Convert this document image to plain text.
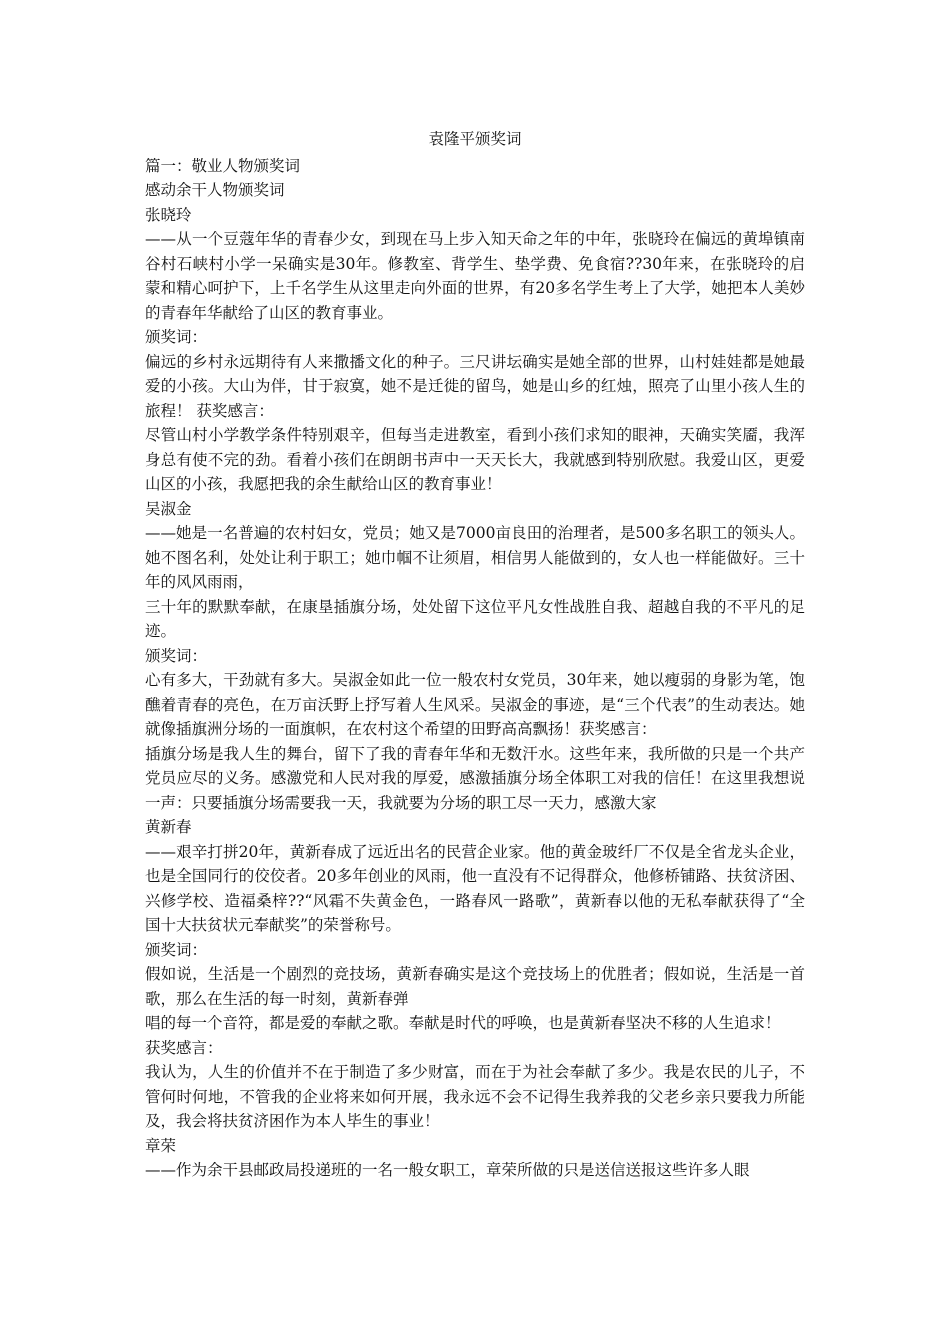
袁隆平颁奖词

篇一：敬业人物颁奖词

感动余干人物颁奖词

张晓玲

——从一个豆蔻年华的青春少女，到现在马上步入知天命之年的中年，张晓玲在偏远的黄埠镇南谷村石峡村小学一呆确实是30年。修教室、背学生、垫学费、免食宿??30年来，在张晓玲的启蒙和精心呵护下，上千名学生从这里走向外面的世界，有20多名学生考上了大学，她把本人美妙的青春年华献给了山区的教育事业。

颁奖词：

偏远的乡村永远期待有人来撒播文化的种子。三尺讲坛确实是她全部的世界，山村娃娃都是她最爱的小孩。大山为伴，甘于寂寞，她不是迁徙的留鸟，她是山乡的红烛，照亮了山里小孩人生的旅程！ 获奖感言：

尽管山村小学教学条件特别艰辛，但每当走进教室，看到小孩们求知的眼神，天确实笑靥，我浑身总有使不完的劲。看着小孩们在朗朗书声中一天天长大，我就感到特别欣慰。我爱山区，更爱山区的小孩，我愿把我的余生献给山区的教育事业！

吴淑金

——她是一名普遍的农村妇女，党员；她又是7000亩良田的治理者，是500多名职工的领头人。她不图名利，处处让利于职工；她巾帼不让须眉，相信男人能做到的，女人也一样能做好。三十年的风风雨雨，

三十年的默默奉献，在康垦插旗分场，处处留下这位平凡女性战胜自我、超越自我的不平凡的足迹。

颁奖词：

心有多大，干劲就有多大。吴淑金如此一位一般农村女党员，30年来，她以瘦弱的身影为笔，饱醮着青春的亮色，在万亩沃野上抒写着人生风采。吴淑金的事迹，是“三个代表”的生动表达。她就像插旗洲分场的一面旗帜，在农村这个希望的田野高高飘扬！获奖感言：

插旗分场是我人生的舞台，留下了我的青春年华和无数汗水。这些年来，我所做的只是一个共产党员应尽的义务。感激党和人民对我的厚爱，感激插旗分场全体职工对我的信任！在这里我想说一声：只要插旗分场需要我一天，我就要为分场的职工尽一天力，感激大家

黄新春

——艰辛打拼20年，黄新春成了远近出名的民营企业家。他的黄金玻纤厂不仅是全省龙头企业，也是全国同行的佼佼者。20多年创业的风雨，他一直没有不记得群众，他修桥铺路、扶贫济困、兴修学校、造福桑梓??“风霜不失黄金色，一路春风一路歌”，黄新春以他的无私奉献获得了“全国十大扶贫状元奉献奖”的荣誉称号。

颁奖词：

假如说，生活是一个剧烈的竞技场，黄新春确实是这个竞技场上的优胜者；假如说，生活是一首歌，那么在生活的每一时刻，黄新春弹

唱的每一个音符，都是爱的奉献之歌。奉献是时代的呼唤，也是黄新春坚决不移的人生追求！

获奖感言：

我认为，人生的价值并不在于制造了多少财富，而在于为社会奉献了多少。我是农民的儿子，不管何时何地，不管我的企业将来如何开展，我永远不会不记得生我养我的父老乡亲只要我力所能及，我会将扶贫济困作为本人毕生的事业！

章荣

——作为余干县邮政局投递班的一名一般女职工，章荣所做的只是送信送报这些许多人眼
